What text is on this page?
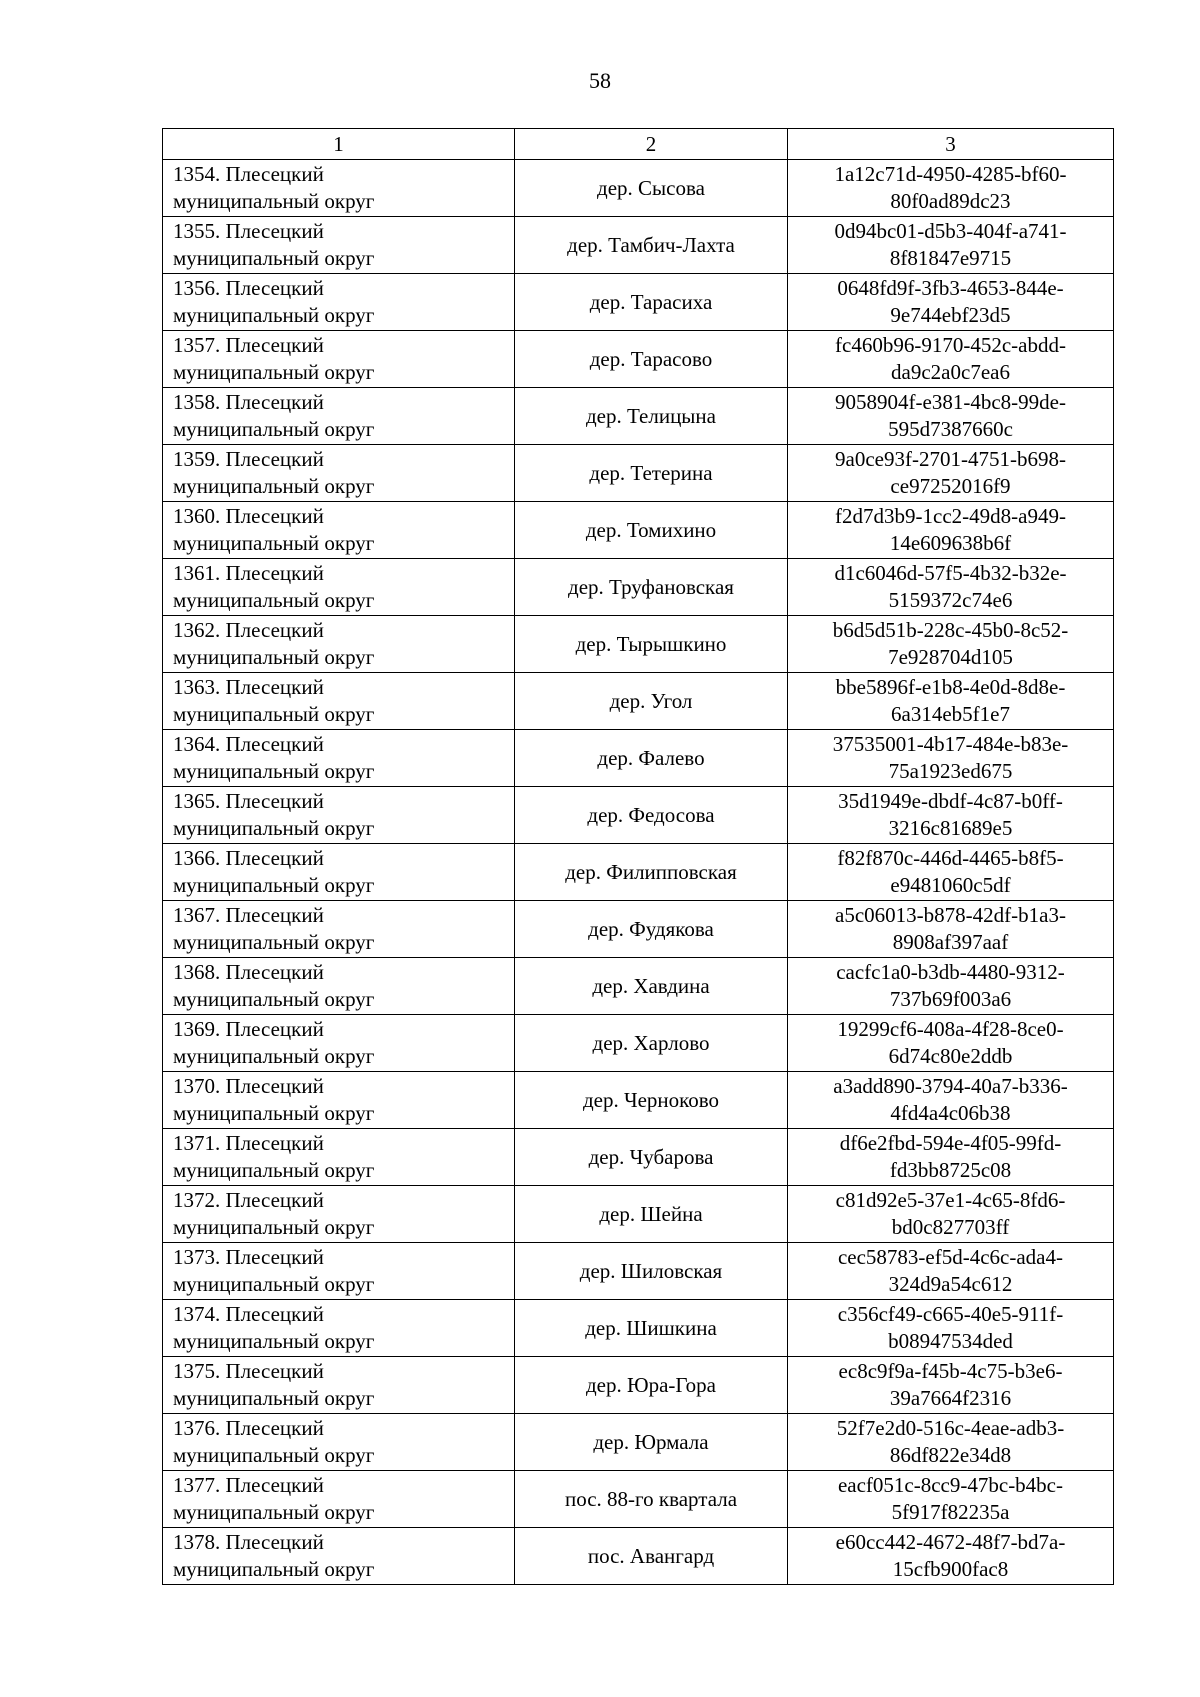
58
1	2	3

1354. Плесецкий
муниципальный округ	дер. Сысова	1a12c71d-4950-4285-bf60-
80f0ad89dc23

1355. Плесецкий
муниципальный округ	дер. Тамбич-Лахта	0d94bc01-d5b3-404f-a741-
8f81847e9715

1356. Плесецкий
муниципальный округ	дер. Тарасиха	0648fd9f-3fb3-4653-844e-
9e744ebf23d5

1357. Плесецкий
муниципальный округ	дер. Тарасово	fc460b96-9170-452c-abdd-
da9c2a0c7ea6

1358. Плесецкий
муниципальный округ	дер. Телицына	9058904f-e381-4bc8-99de-
595d7387660c

1359. Плесецкий
муниципальный округ	дер. Тетерина	9a0ce93f-2701-4751-b698-
ce97252016f9

1360. Плесецкий
муниципальный округ	дер. Томихино	f2d7d3b9-1cc2-49d8-a949-
14e609638b6f

1361. Плесецкий
муниципальный округ	дер. Труфановская	d1c6046d-57f5-4b32-b32e-
5159372c74e6

1362. Плесецкий
муниципальный округ	дер. Тырышкино	b6d5d51b-228c-45b0-8c52-
7e928704d105

1363. Плесецкий
муниципальный округ	дер. Угол	bbe5896f-e1b8-4e0d-8d8e-
6a314eb5f1e7

1364. Плесецкий
муниципальный округ	дер. Фалево	37535001-4b17-484e-b83e-
75a1923ed675

1365. Плесецкий
муниципальный округ	дер. Федосова	35d1949e-dbdf-4c87-b0ff-
3216c81689e5

1366. Плесецкий
муниципальный округ	дер. Филипповская	f82f870c-446d-4465-b8f5-
e9481060c5df

1367. Плесецкий
муниципальный округ	дер. Фудякова	a5c06013-b878-42df-b1a3-
8908af397aaf

1368. Плесецкий
муниципальный округ	дер. Хавдина	cacfc1a0-b3db-4480-9312-
737b69f003a6

1369. Плесецкий
муниципальный округ	дер. Харлово	19299cf6-408a-4f28-8ce0-
6d74c80e2ddb

1370. Плесецкий
муниципальный округ	дер. Черноково	a3add890-3794-40a7-b336-
4fd4a4c06b38

1371. Плесецкий
муниципальный округ	дер. Чубарова	df6e2fbd-594e-4f05-99fd-
fd3bb8725c08

1372. Плесецкий
муниципальный округ	дер. Шейна	c81d92e5-37e1-4c65-8fd6-
bd0c827703ff

1373. Плесецкий
муниципальный округ	дер. Шиловская	cec58783-ef5d-4c6c-ada4-
324d9a54c612

1374. Плесецкий
муниципальный округ	дер. Шишкина	c356cf49-c665-40e5-911f-
b08947534ded

1375. Плесецкий
муниципальный округ	дер. Юра-Гора	ec8c9f9a-f45b-4c75-b3e6-
39a7664f2316

1376. Плесецкий
муниципальный округ	дер. Юрмала	52f7e2d0-516c-4eae-adb3-
86df822e34d8

1377. Плесецкий
муниципальный округ	пос. 88-го квартала	eacf051c-8cc9-47bc-b4bc-
5f917f82235a

1378. Плесецкий
муниципальный округ	пос. Авангард	e60cc442-4672-48f7-bd7a-
15cfb900fac8
